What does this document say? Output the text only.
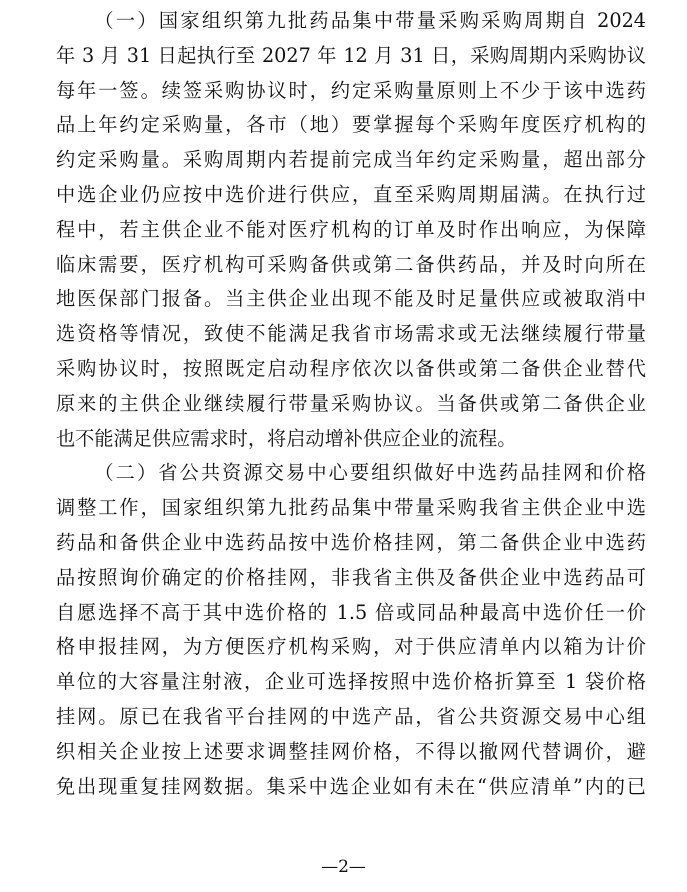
（一）国家组织第九批药品集中带量采购采购周期自 2024
年 3 月 31 日起执行至 2027 年 12 月 31 日，采购周期内采购协议
每年一签。续签采购协议时，约定采购量原则上不少于该中选药
品上年约定采购量，各市（地）要掌握每个采购年度医疗机构的
约定采购量。采购周期内若提前完成当年约定采购量，超出部分
中选企业仍应按中选价进行供应，直至采购周期届满。在执行过
程中，若主供企业不能对医疗机构的订单及时作出响应，为保障
临床需要，医疗机构可采购备供或第二备供药品，并及时向所在
地医保部门报备。当主供企业出现不能及时足量供应或被取消中
选资格等情况，致使不能满足我省市场需求或无法继续履行带量
采购协议时，按照既定启动程序依次以备供或第二备供企业替代
原来的主供企业继续履行带量采购协议。当备供或第二备供企业
也不能满足供应需求时，将启动增补供应企业的流程。
（二）省公共资源交易中心要组织做好中选药品挂网和价格
调整工作，国家组织第九批药品集中带量采购我省主供企业中选
药品和备供企业中选药品按中选价格挂网，第二备供企业中选药
品按照询价确定的价格挂网，非我省主供及备供企业中选药品可
自愿选择不高于其中选价格的 1.5 倍或同品种最高中选价任一价
格申报挂网，为方便医疗机构采购，对于供应清单内以箱为计价
单位的大容量注射液，企业可选择按照中选价格折算至 1 袋价格
挂网。原已在我省平台挂网的中选产品，省公共资源交易中心组
织相关企业按上述要求调整挂网价格，不得以撤网代替调价，避
免出现重复挂网数据。集采中选企业如有未在“供应清单”内的已
—2—
